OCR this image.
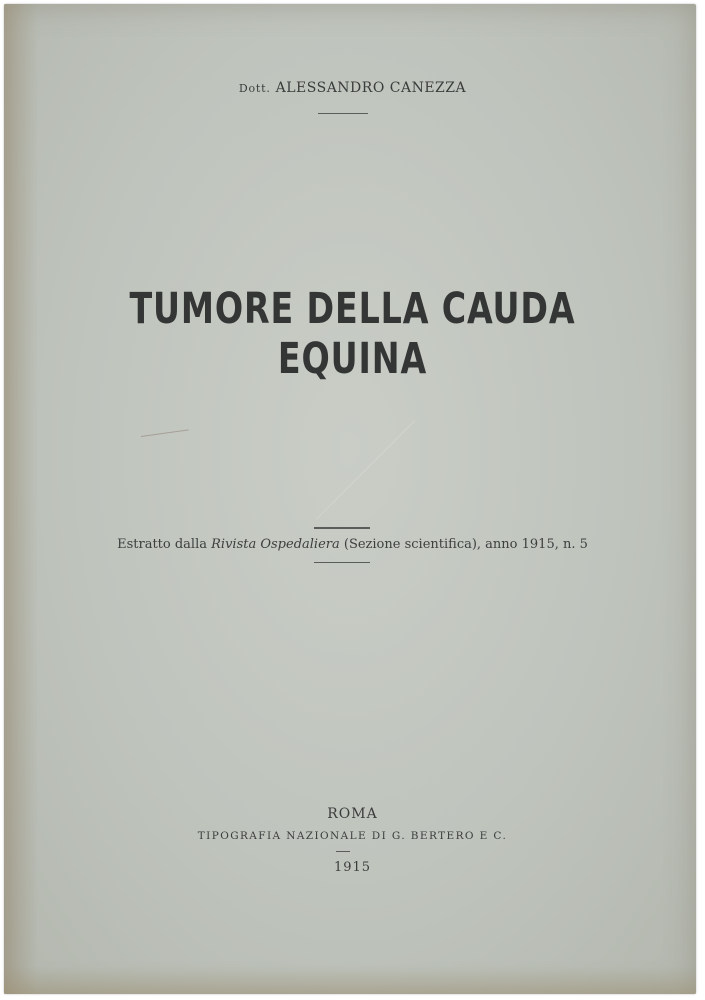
Dott. ALESSANDRO CANEZZA
TUMORE DELLA CAUDA EQUINA
Estratto dalla Rivista Ospedaliera (Sezione scientifica), anno 1915, n. 5
ROMA
TIPOGRAFIA NAZIONALE DI G. BERTERO E C.
1915
